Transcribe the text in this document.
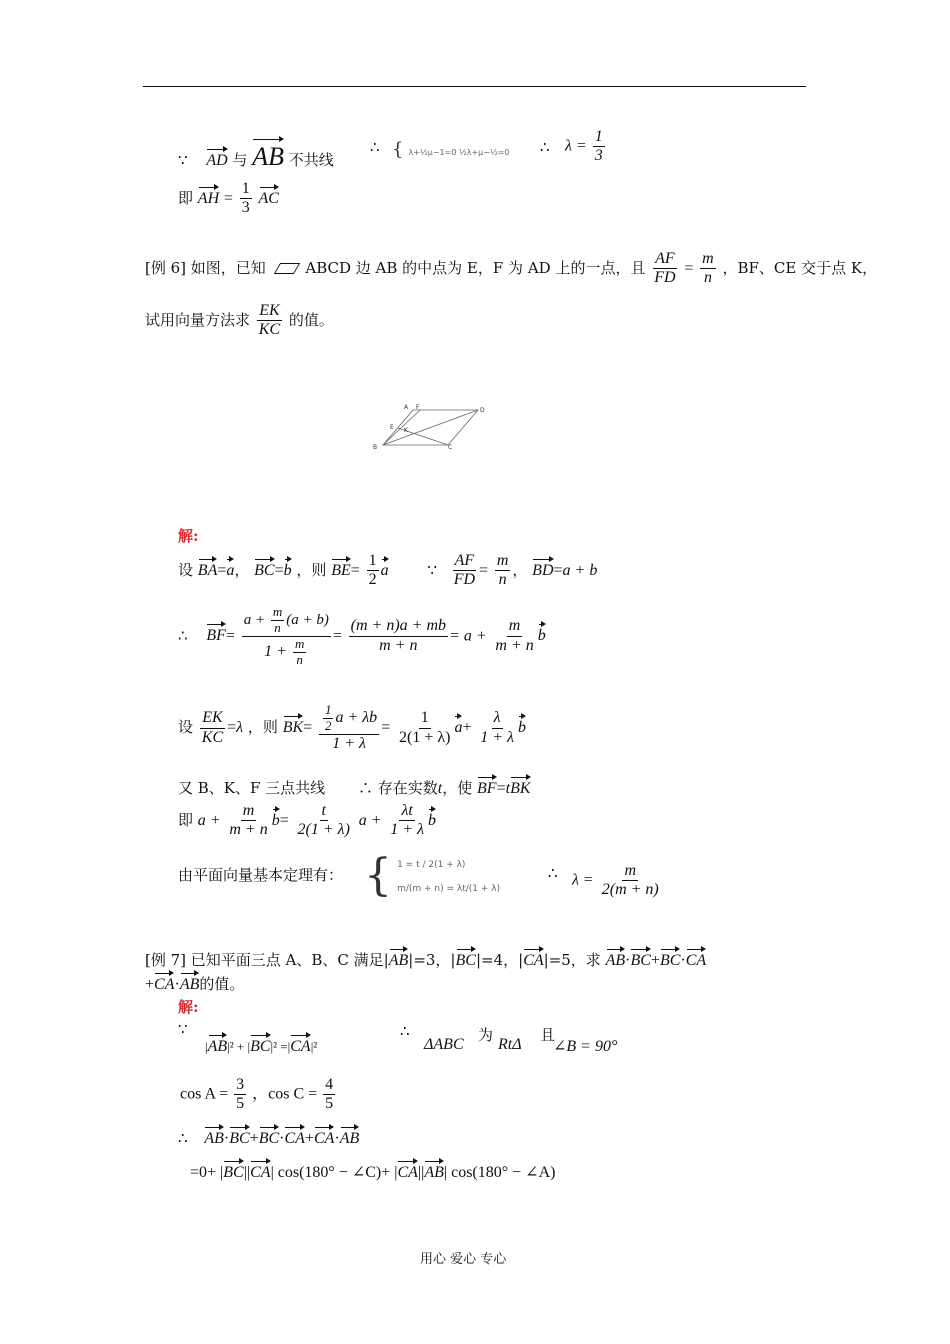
∵ AD 与 AB 不共线
∴ { λ+½μ−1=0 ½λ+μ−½=0 ∴ $\lambda = \frac{1}{3}$
即 AH = $\frac{1}{3}$ AC
[例 6] 如图，已知	ABCD 边 AB 的中点为 E，F 为 AD 上的一点，且 $\frac{AF}{FD} = \frac{m}{n}$ ，BF、CE 交于点 K，
试用向量方法求 $\frac{EK}{KC}$ 的值。
A F	D
E K
B	C
解:
设 BA=a， BC=b ，则 $BE= \frac{1}{2}$ a	∵ $\frac{AF}{FD} = \frac{m}{n}$ ， BD=a + b
∴ $BF= \frac{a + \frac{m}{n} (a + b)}{1 + \frac{m}{n}} = \frac{(m + n)a + mb}{m + n} = a + \frac{m}{m + n}$ b
设 $\frac{EK}{KC} =\lambda$ ，则 $BK= \frac{\frac{1}{2} a + \lambda b}{1 + \lambda} = \frac{1}{2(1 + \lambda)} a+ \frac{\lambda}{1 + \lambda}$ b
又 B、K、F 三点共线 ∴ 存在实数t，使 BF=tBK
即 $a + \frac{m}{m + n} b= \frac{t}{2(1 + \lambda)}$ $a + \frac{\lambda t}{1 + \lambda}$ b
由平面向量基本定理有： { 1 = t / 2(1 + λ)
m/(m + n) = λt/(1 + λ)
∴ $\lambda = \frac{m}{2(m + n)}$
[例 7] 已知平面三点 A、B、C 满足|AB|=3，|BC|=4，|CA|=5，求 AB·BC+BC·CA
+CA·AB的值。
解:
∵
|AB|² + |BC|² =|CA|²
∴
ΔABC
为
RtΔ
且
∠B = 90°
$\cos A = \frac{3}{5}$ ，$\cos C = \frac{4}{5}$
∴ AB·BC+BC·CA+CA·AB
=0+ |BC||CA| cos(180° − ∠C)+ |CA||AB| cos(180° − ∠A)
用心 爱心 专心
